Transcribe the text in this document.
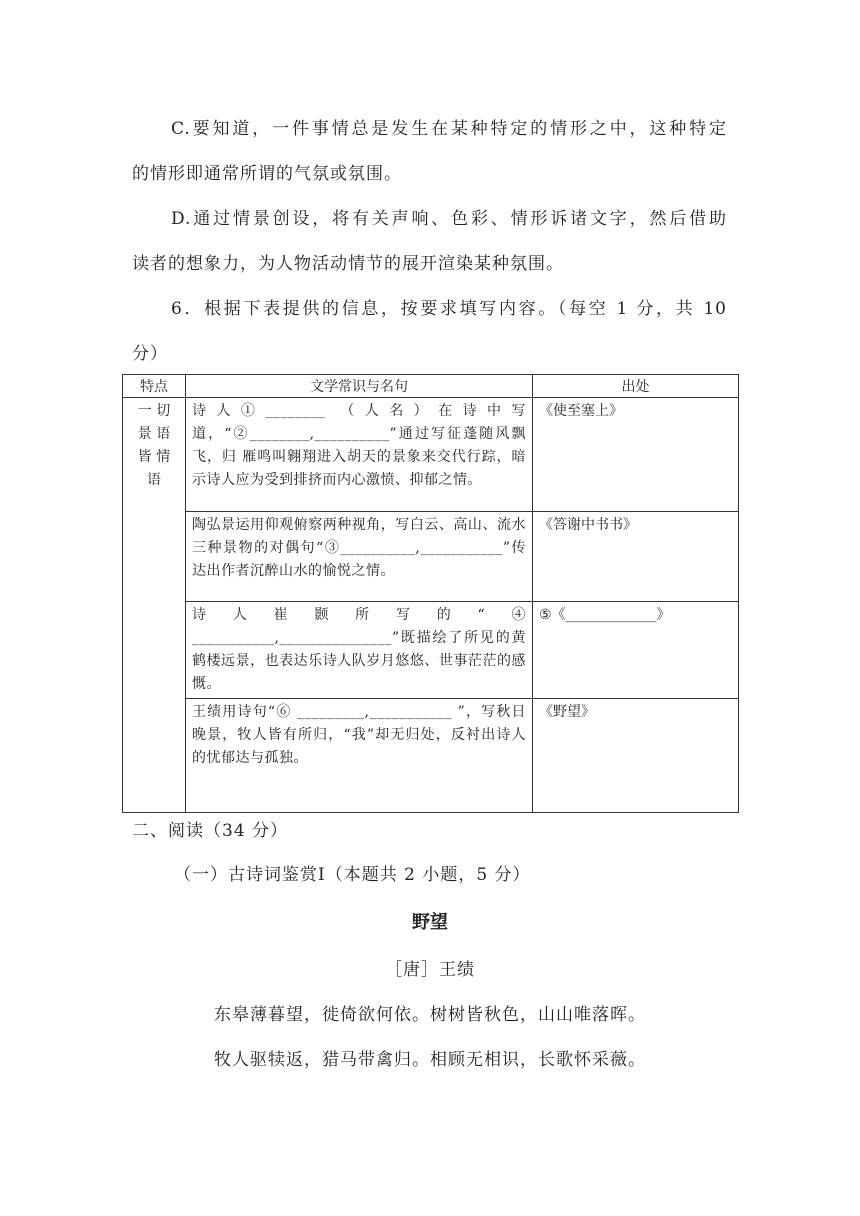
C.要知道，一件事情总是发生在某种特定的情形之中，这种特定
的情形即通常所谓的气氛或氛围。
D.通过情景创设，将有关声响、色彩、情形诉诸文字，然后借助
读者的想象力，为人物活动情节的展开渲染某种氛围。
6．根据下表提供的信息，按要求填写内容。（每空 1 分，共 10
分）
特点	文学常识与名句	出处
一 切 景 语 皆 情 语	诗人①________ （人名）在诗中写道，“②________,__________”通过写征蓬随风飘飞，归 雁鸣叫翱翔进入胡天的景象来交代行踪，暗示诗人应为受到排挤而内心激愤、抑郁之情。	《使至塞上》
	陶弘景运用仰观俯察两种视角，写白云、高山、流水三种景物的对偶句“③__________,___________”传达出作者沉醉山水的愉悦之情。	《答谢中书书》
	诗人崔颢所写的“④ ___________,_______________”既描绘了所见的黄鹤楼远景，也表达乐诗人队岁月悠悠、世事茫茫的感慨。	⑤《_____________》
	王绩用诗句“⑥ _________,___________ ”，写秋日晚景，牧人皆有所归，“我”却无归处，反衬出诗人的忧郁达与孤独。	《野望》
二、阅读（34 分）
（一）古诗词鉴赏Ⅰ（本题共 2 小题，5 分）
野望
［唐］王绩
东皋薄暮望，徙倚欲何依。树树皆秋色，山山唯落晖。
牧人驱犊返，猎马带禽归。相顾无相识，长歌怀采薇。
